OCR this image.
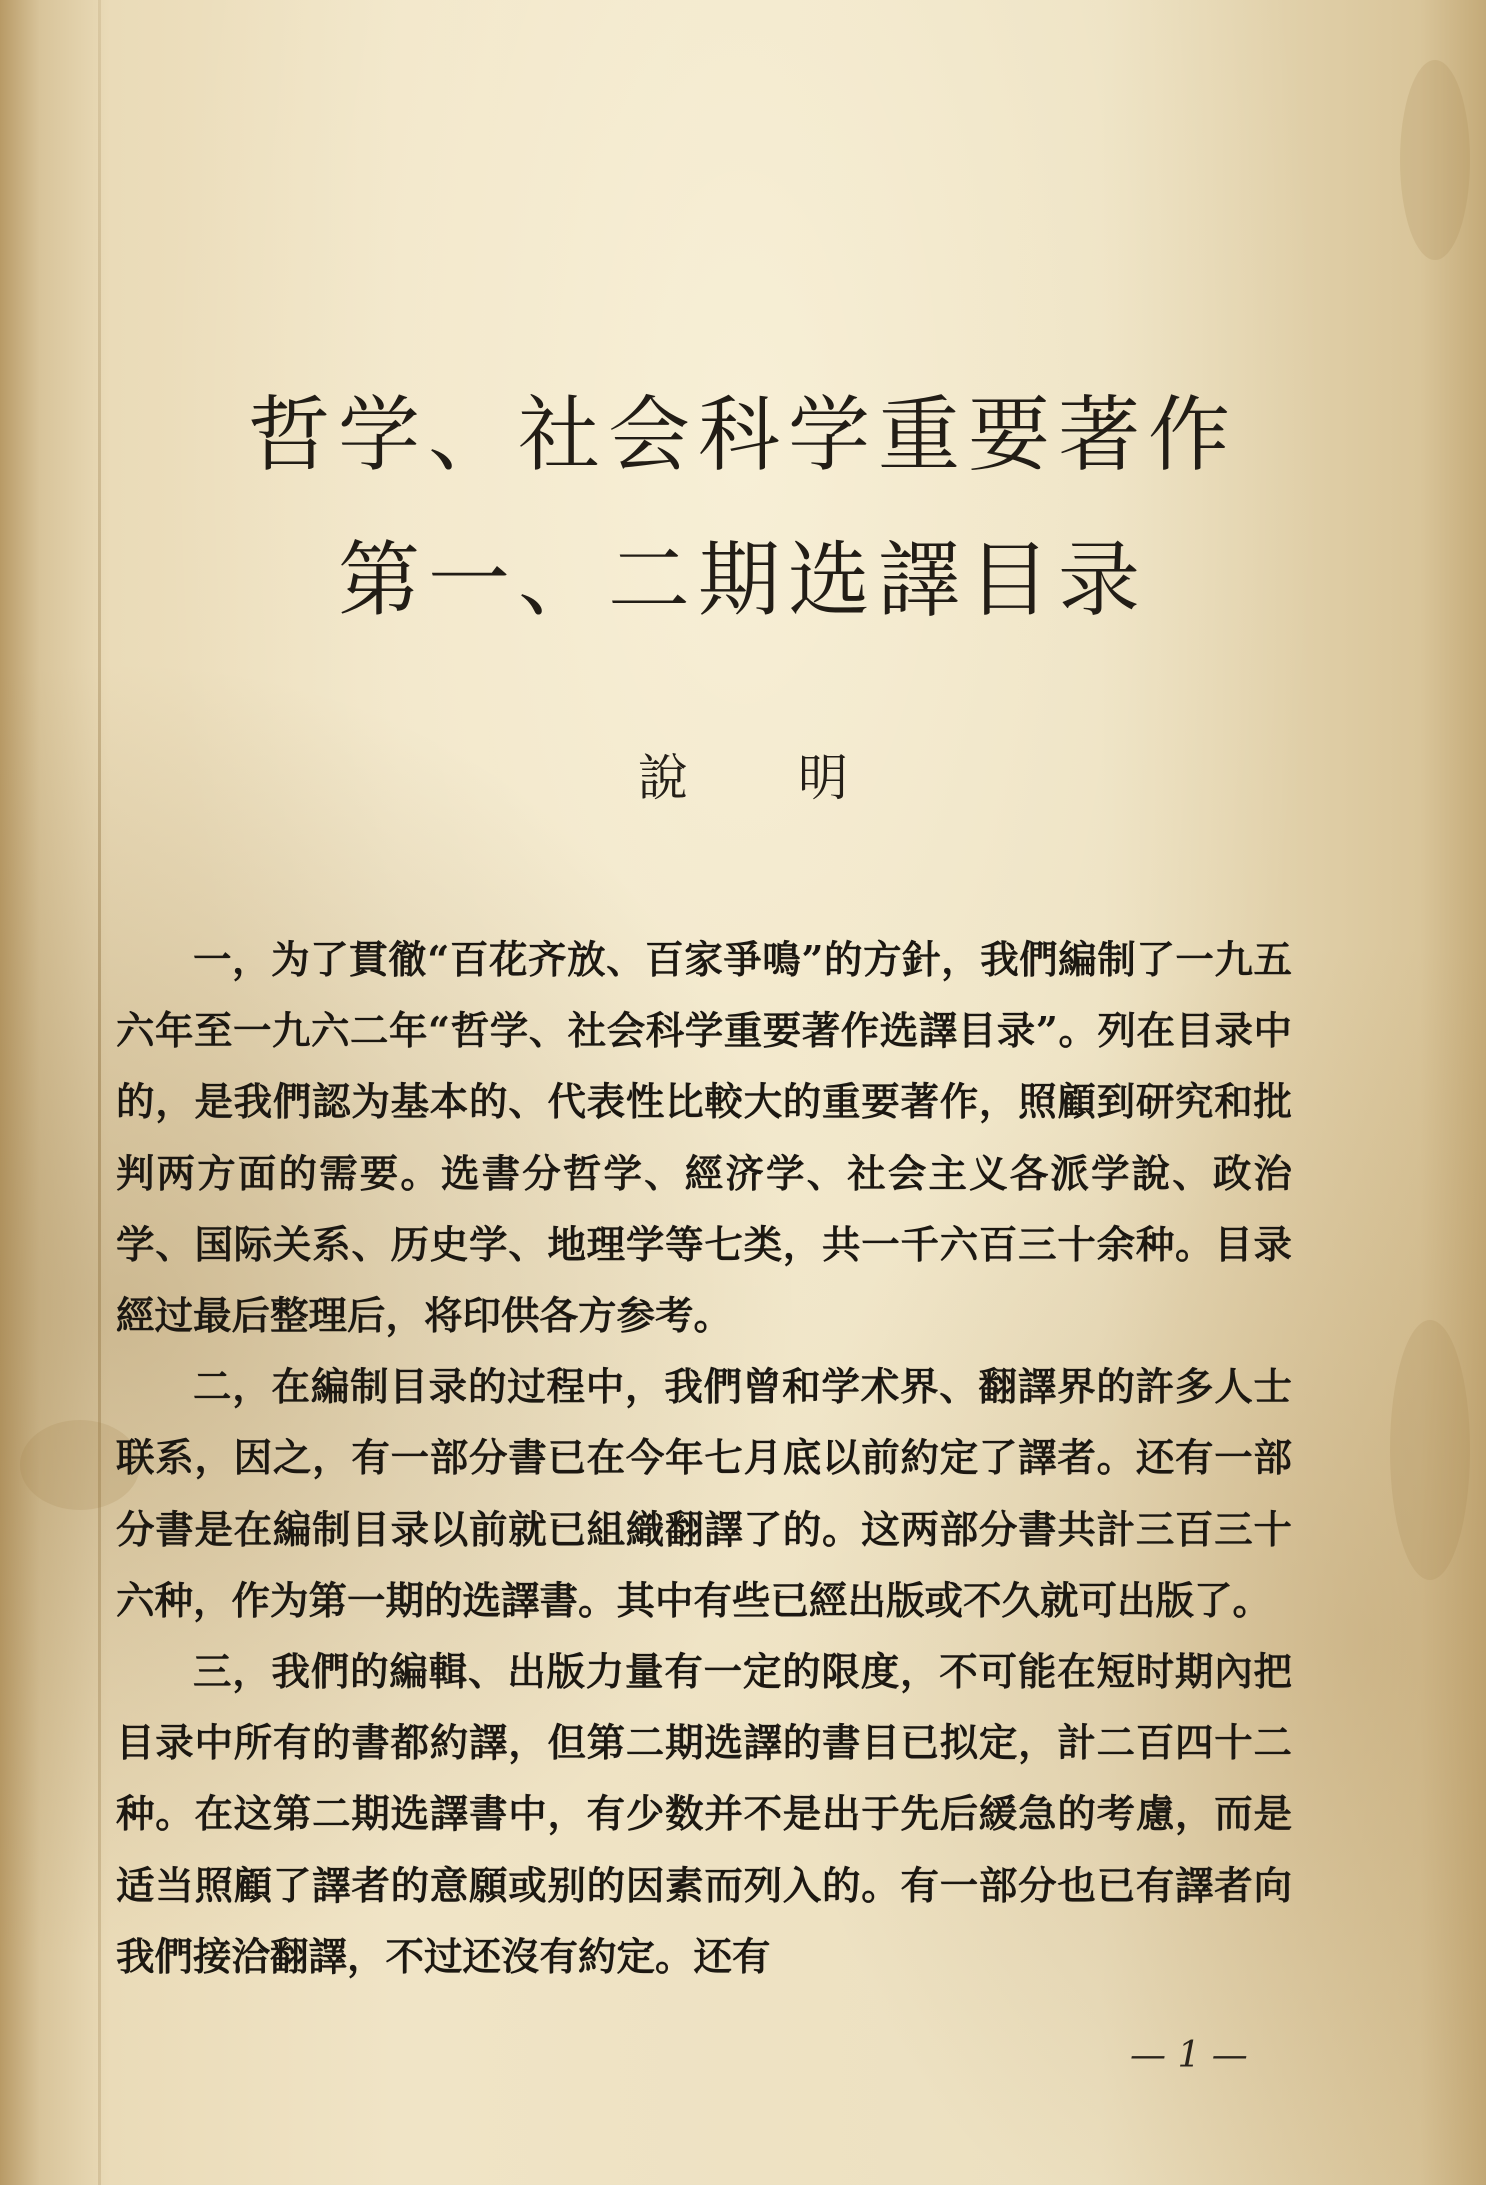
哲学、社会科学重要著作
第一、二期选譯目录
說明

一，为了貫徹“百花齐放、百家爭鳴”的方針，我們編制了一九五六年至一九六二年“哲学、社会科学重要著作选譯目录”。列在目录中的，是我們認为基本的、代表性比較大的重要著作，照顧到研究和批判两方面的需要。选書分哲学、經济学、社会主义各派学說、政治学、国际关系、历史学、地理学等七类，共一千六百三十余种。目录經过最后整理后，将印供各方参考。

二，在編制目录的过程中，我們曾和学术界、翻譯界的許多人士联系，因之，有一部分書已在今年七月底以前約定了譯者。还有一部分書是在編制目录以前就已組織翻譯了的。这两部分書共計三百三十六种，作为第一期的选譯書。其中有些已經出版或不久就可出版了。

三，我們的編輯、出版力量有一定的限度，不可能在短时期內把目录中所有的書都約譯，但第二期选譯的書目已拟定，計二百四十二种。在这第二期选譯書中，有少数并不是出于先后緩急的考慮，而是适当照顧了譯者的意願或别的因素而列入的。有一部分也已有譯者向我們接洽翻譯，不过还沒有約定。还有

— 1 —
